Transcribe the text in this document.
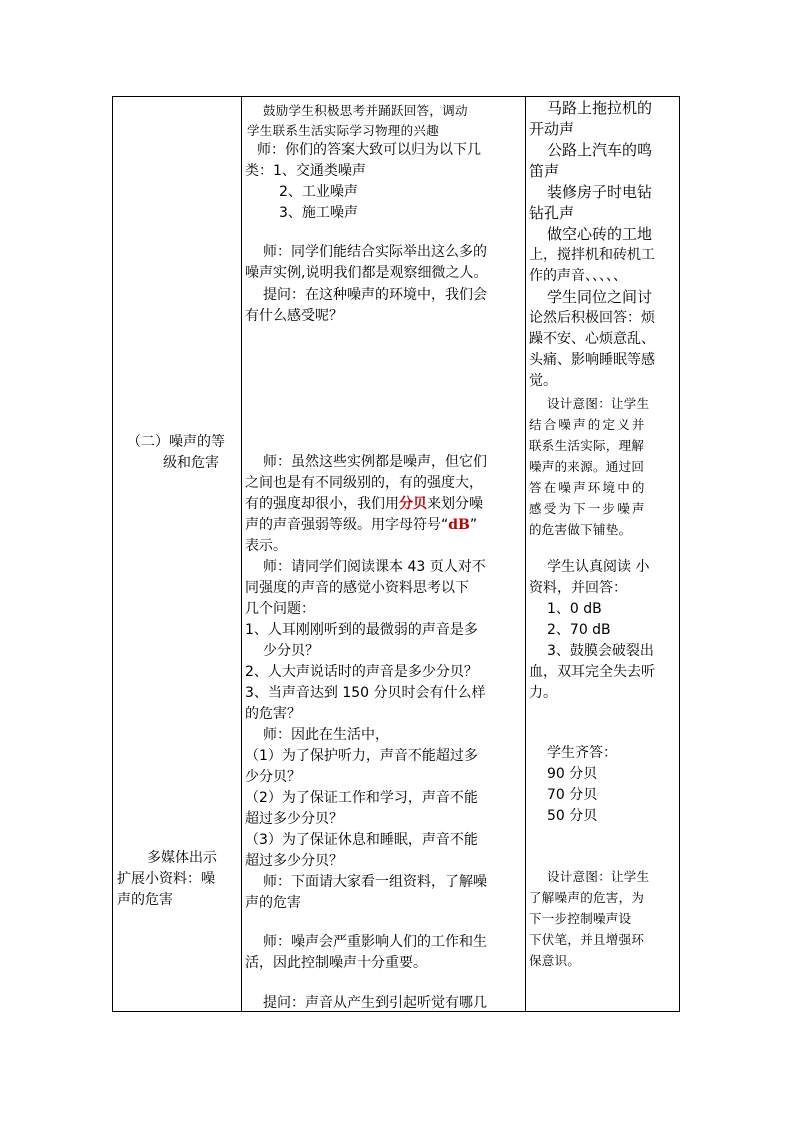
（二）噪声的等
级和危害
多媒体出示
扩展小资料：噪
声的危害
鼓励学生积极思考并踊跃回答，调动
学生联系生活实际学习物理的兴趣
师：你们的答案大致可以归为以下几
类：1、交通类噪声
2、工业噪声
3、施工噪声
师：同学们能结合实际举出这么多的
噪声实例,说明我们都是观察细微之人。
提问：在这种噪声的环境中，我们会
有什么感受呢？
师：虽然这些实例都是噪声，但它们
之间也是有不同级别的，有的强度大，
有的强度却很小，我们用分贝来划分噪
声的声音强弱等级。用字母符号“dB”
表示。
师：请同学们阅读课本 43 页人对不
同强度的声音的感觉小资料思考以下
几个问题：
1、人耳刚刚听到的最微弱的声音是多
少分贝？
2、人大声说话时的声音是多少分贝？
3、当声音达到 150 分贝时会有什么样
的危害？
师：因此在生活中，
（1）为了保护听力，声音不能超过多
少分贝？
（2）为了保证工作和学习，声音不能
超过多少分贝？
（3）为了保证休息和睡眠，声音不能
超过多少分贝？
师：下面请大家看一组资料，了解噪
声的危害
师：噪声会严重影响人们的工作和生
活，因此控制噪声十分重要。
提问：声音从产生到引起听觉有哪几
马路上拖拉机的
开动声
公路上汽车的鸣
笛声
装修房子时电钻
钻孔声
做空心砖的工地
上，搅拌机和砖机工
作的声音、、、、、
学生同位之间讨
论然后积极回答：烦
躁不安、心烦意乱、
头痛、影响睡眠等感
觉。
设计意图：让学生
结合噪声的定义并
联系生活实际，理解
噪声的来源。通过回
答在噪声环境中的
感受为下一步噪声
的危害做下铺垫。
学生认真阅读 小
资料，并回答：
1、0 dB
2、70 dB
3、鼓膜会破裂出
血，双耳完全失去听
力。
学生齐答：
90 分贝
70 分贝
50 分贝
设计意图：让学生
了解噪声的危害，为
下一步控制噪声设
下伏笔，并且增强环
保意识。
